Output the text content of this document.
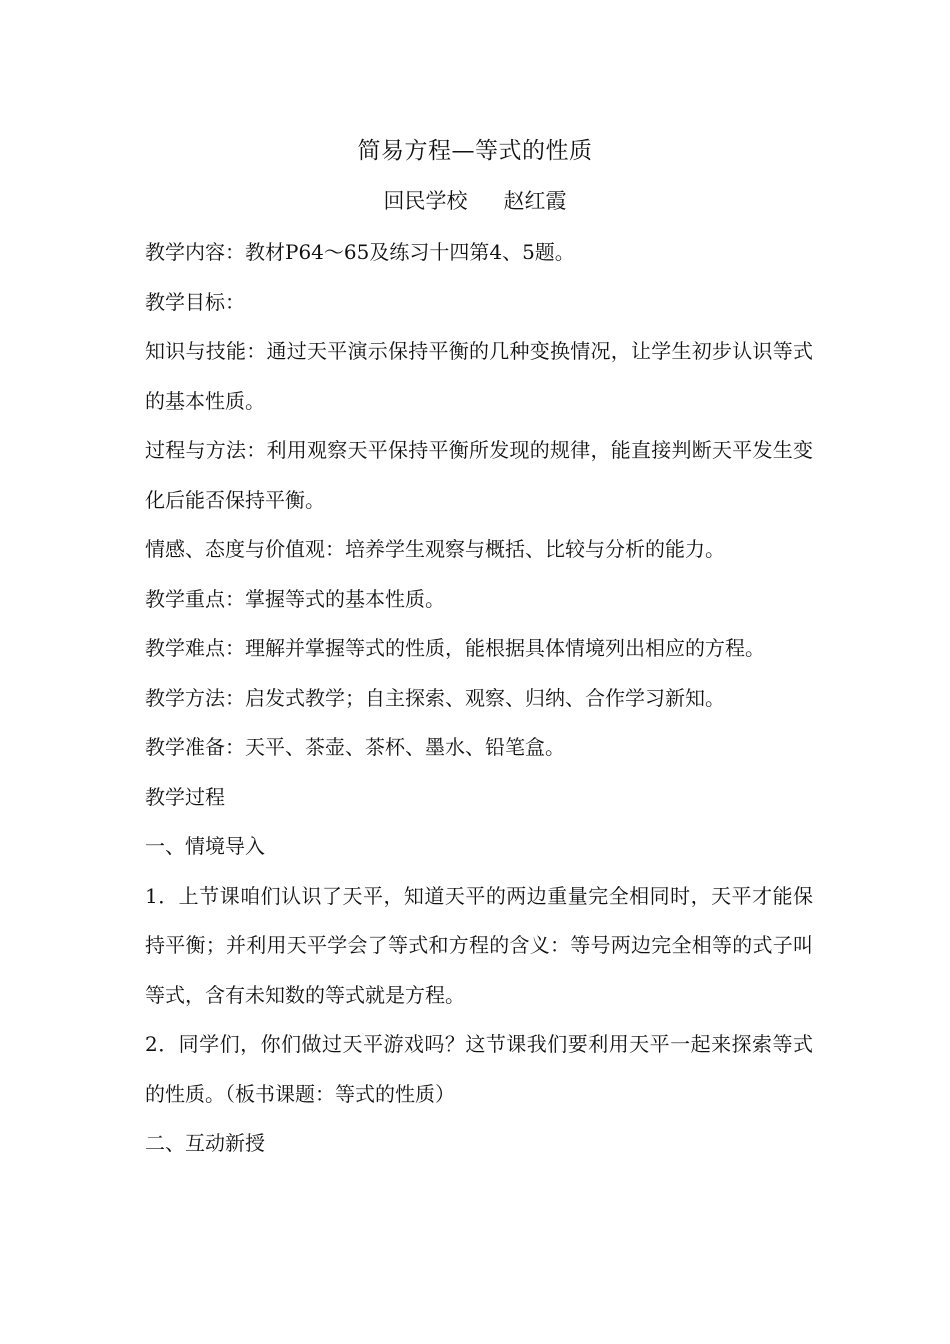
简易方程—等式的性质
回民学校 赵红霞

教学内容：教材P64～65及练习十四第4、5题。

教学目标：

知识与技能：通过天平演示保持平衡的几种变换情况，让学生初步认识等式的基本性质。

过程与方法：利用观察天平保持平衡所发现的规律，能直接判断天平发生变化后能否保持平衡。

情感、态度与价值观：培养学生观察与概括、比较与分析的能力。

教学重点：掌握等式的基本性质。

教学难点：理解并掌握等式的性质，能根据具体情境列出相应的方程。

教学方法：启发式教学；自主探索、观察、归纳、合作学习新知。

教学准备：天平、茶壶、茶杯、墨水、铅笔盒。

教学过程

一、情境导入

1．上节课咱们认识了天平，知道天平的两边重量完全相同时，天平才能保持平衡；并利用天平学会了等式和方程的含义：等号两边完全相等的式子叫等式，含有未知数的等式就是方程。

2．同学们，你们做过天平游戏吗？这节课我们要利用天平一起来探索等式的性质。（板书课题：等式的性质）

二、互动新授
